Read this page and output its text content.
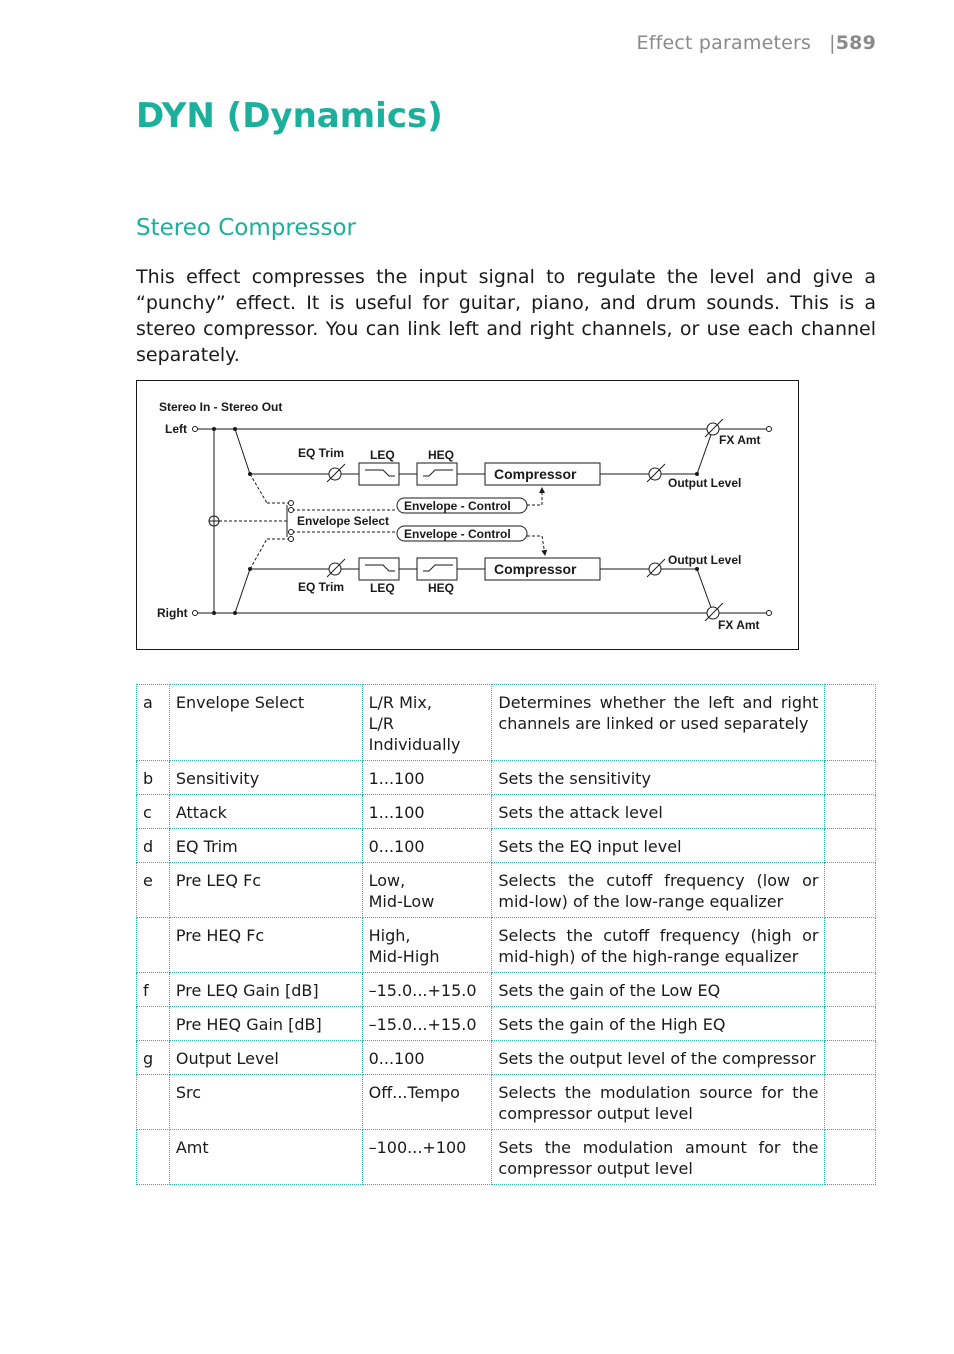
Effect parameters |589
DYN (Dynamics)
Stereo Compressor

This effect compresses the input signal to regulate the level and give a “punchy” effect. It is useful for guitar, piano, and drum sounds. This is a stereo compressor. You can link left and right channels, or use each channel separately.

Stereo In - Stereo Out
Left
Right
Envelope Select
Envelope - Control
Envelope - Control
EQ Trim
EQ Trim
LEQ	HEQ
LEQ	HEQ
Compressor
Compressor
Output Level
Output Level
FX Amt
FX Amt
a	Envelope Select	L/R Mix,
L/R
Individually	Determines whether the left and right channels are linked or used separately	
b	Sensitivity	1...100	Sets the sensitivity	
c	Attack	1...100	Sets the attack level	
d	EQ Trim	0...100	Sets the EQ input level	
e	Pre LEQ Fc	Low,
Mid-Low	Selects the cutoff frequency (low or mid-low) of the low-range equalizer	
	Pre HEQ Fc	High,
Mid-High	Selects the cutoff frequency (high or mid-high) of the high-range equalizer	
f	Pre LEQ Gain [dB]	–15.0...+15.0	Sets the gain of the Low EQ	
	Pre HEQ Gain [dB]	–15.0...+15.0	Sets the gain of the High EQ	
g	Output Level	0...100	Sets the output level of the compressor	
	Src	Off...Tempo	Selects the modulation source for the compressor output level	
	Amt	–100...+100	Sets the modulation amount for the compressor output level	
